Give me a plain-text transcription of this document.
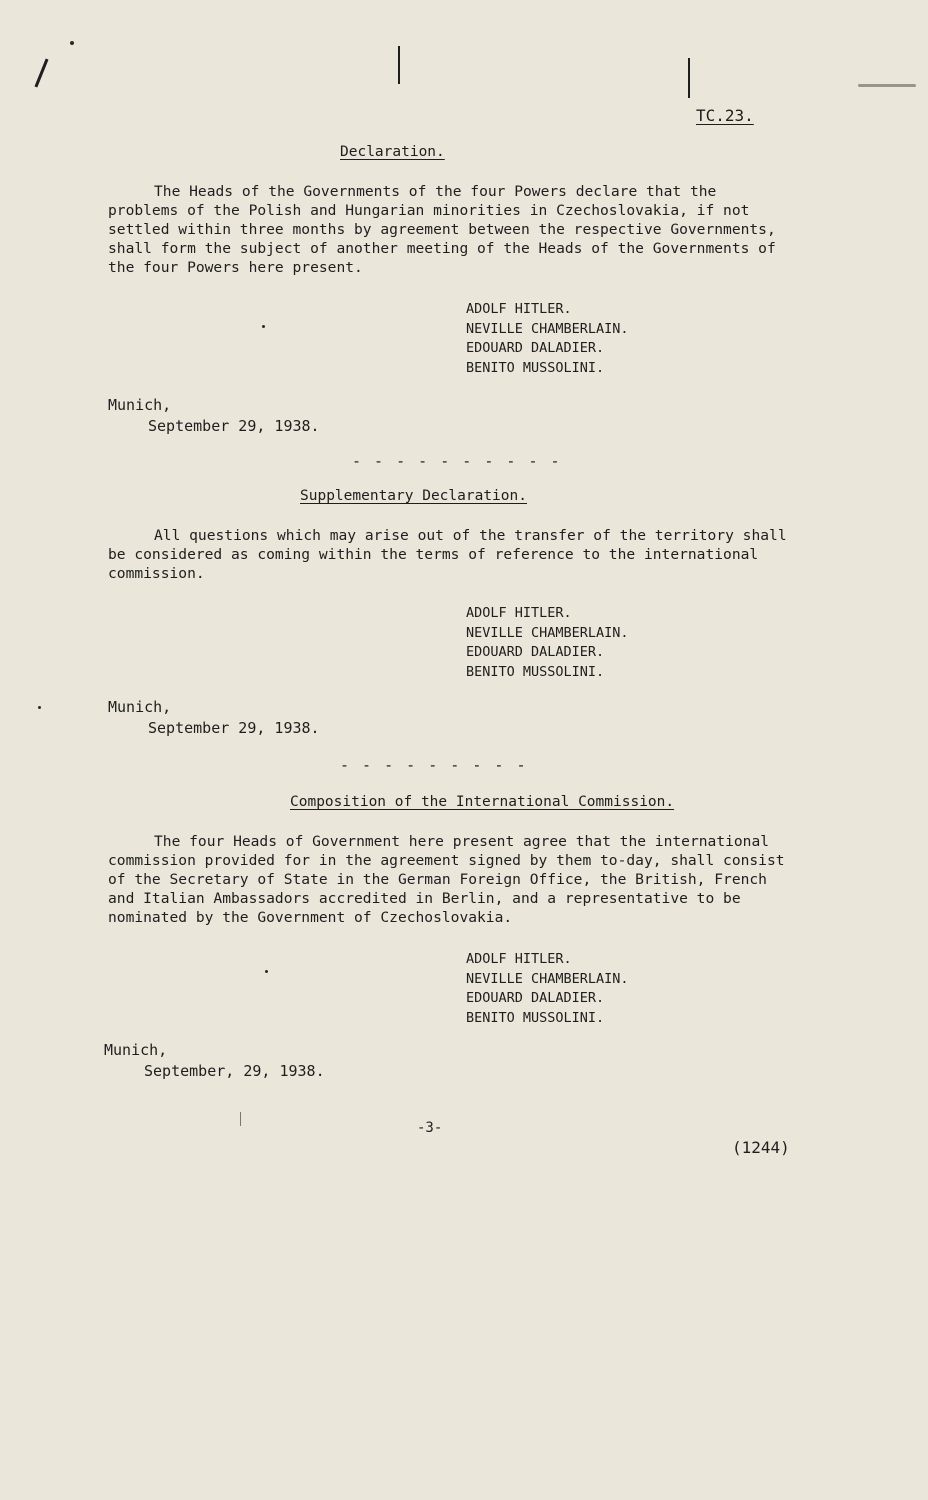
TC.23.
Declaration.
The Heads of the Governments of the four Powers declare that the
problems of the Polish and Hungarian minorities in Czechoslovakia, if not
settled within three months by agreement between the respective Governments,
shall form the subject of another meeting of the Heads of the Governments of
the four Powers here present.
ADOLF HITLER.
NEVILLE CHAMBERLAIN.
EDOUARD DALADIER.
BENITO MUSSOLINI.
Munich,
September 29, 1938.
- - - - - - - - - -
Supplementary Declaration.
All questions which may arise out of the transfer of the territory shall
be considered as coming within the terms of reference to the international
commission.
ADOLF HITLER.
NEVILLE CHAMBERLAIN.
EDOUARD DALADIER.
BENITO MUSSOLINI.
Munich,
September 29, 1938.
- - - - - - - - -
Composition of the International Commission.
The four Heads of Government here present agree that the international
commission provided for in the agreement signed by them to-day, shall consist
of the Secretary of State in the German Foreign Office, the British, French
and Italian Ambassadors accredited in Berlin, and a representative to be
nominated by the Government of Czechoslovakia.
ADOLF HITLER.
NEVILLE CHAMBERLAIN.
EDOUARD DALADIER.
BENITO MUSSOLINI.
Munich,
September, 29, 1938.
-3-
(1244)
